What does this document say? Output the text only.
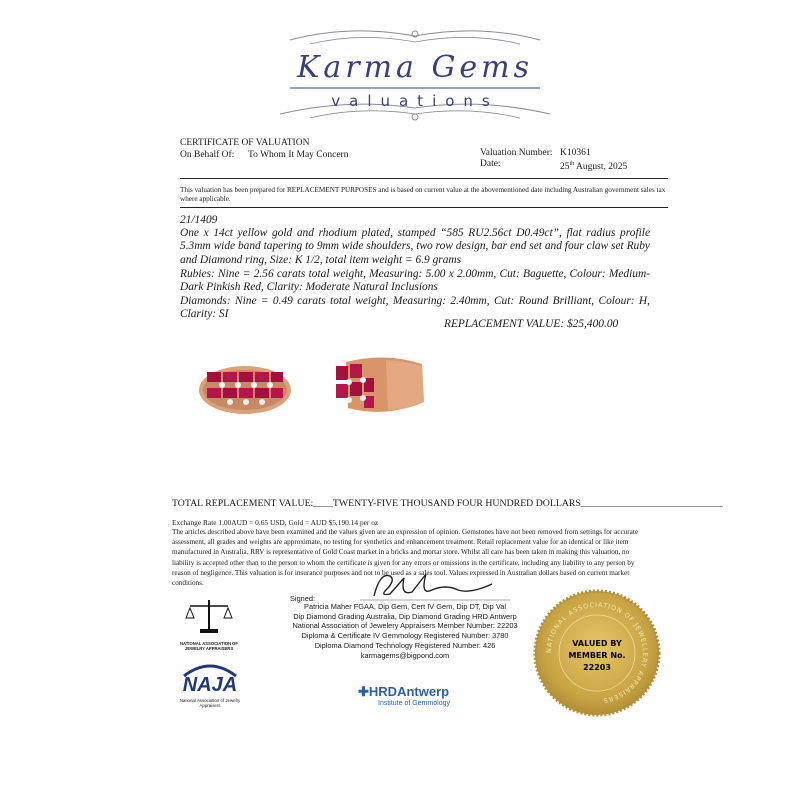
Karma Gems
valuations
CERTIFICATE OF VALUATION
On Behalf Of: To Whom It May Concern	Valuation Number: K10361
Date:	25th August, 2025
This valuation has been prepared for REPLACEMENT PURPOSES and is based on current value at the abovementioned date including Australian government sales tax where applicable.
21/1409
One x 14ct yellow gold and rhodium plated, stamped “585 RU2.56ct D0.49ct”, flat radius profile 5.3mm wide band tapering to 9mm wide shoulders, two row design, bar end set and four claw set Ruby and Diamond ring, Size: K 1/2, total item weight = 6.9 grams
Rubies: Nine = 2.56 carats total weight, Measuring: 5.00 x 2.00mm, Cut: Baguette, Colour: Medium-Dark Pinkish Red, Clarity: Moderate Natural Inclusions
Diamonds: Nine = 0.49 carats total weight, Measuring: 2.40mm, Cut: Round Brilliant, Colour: H, Clarity: SI
REPLACEMENT VALUE: $25,400.00
TOTAL REPLACEMENT VALUE:____TWENTY-FIVE THOUSAND FOUR HUNDRED DOLLARS_____________________________
Exchange Rate 1.00AUD = 0.65 USD, Gold = AUD $5,190.14 per oz
The articles described above have been examined and the values given are an expression of opinion. Gemstones have not been removed from settings for accurate assessment, all grades and weights are approximate, no testing for synthetics and enhancement treatment. Retail replacement value for an identical or like item manufactured in Australia. RRV is representative of Gold Coast market in a bricks and mortar store. Whilst all care has been taken in making this valuation, no liability is accepted other than to the person to whom the certificate is given for any errors or omissions in the certificate, including any liability to any person by reason of negligence. This valuation is for insurance purposes and not to be used as a sales tool. Values expressed in Australian dollars based on current market conditions.
Signed:
Patricia Maher FGAA, Dip Gem, Cert IV Gem, Dip DT, Dip Val
Dip Diamond Grading Australia, Dip Diamond Grading HRD Antwerp
National Association of Jewelery Appraisers Member Number: 22203
Diploma & Certificate IV Gemmology Registered Number: 3780
Diploma Diamond Technology Registered Number: 426
karmagems@bigpond.com
NATIONAL ASSOCIATION OF JEWELRY APPRAISERS
NAJA
National Association of Jewelry Appraisers
✚HRDAntwerp
Institute of Gemmology
NATIONAL ASSOCIATION OF JEWELLERY APPRAISERS
VALUED BY
MEMBER No.
22203
